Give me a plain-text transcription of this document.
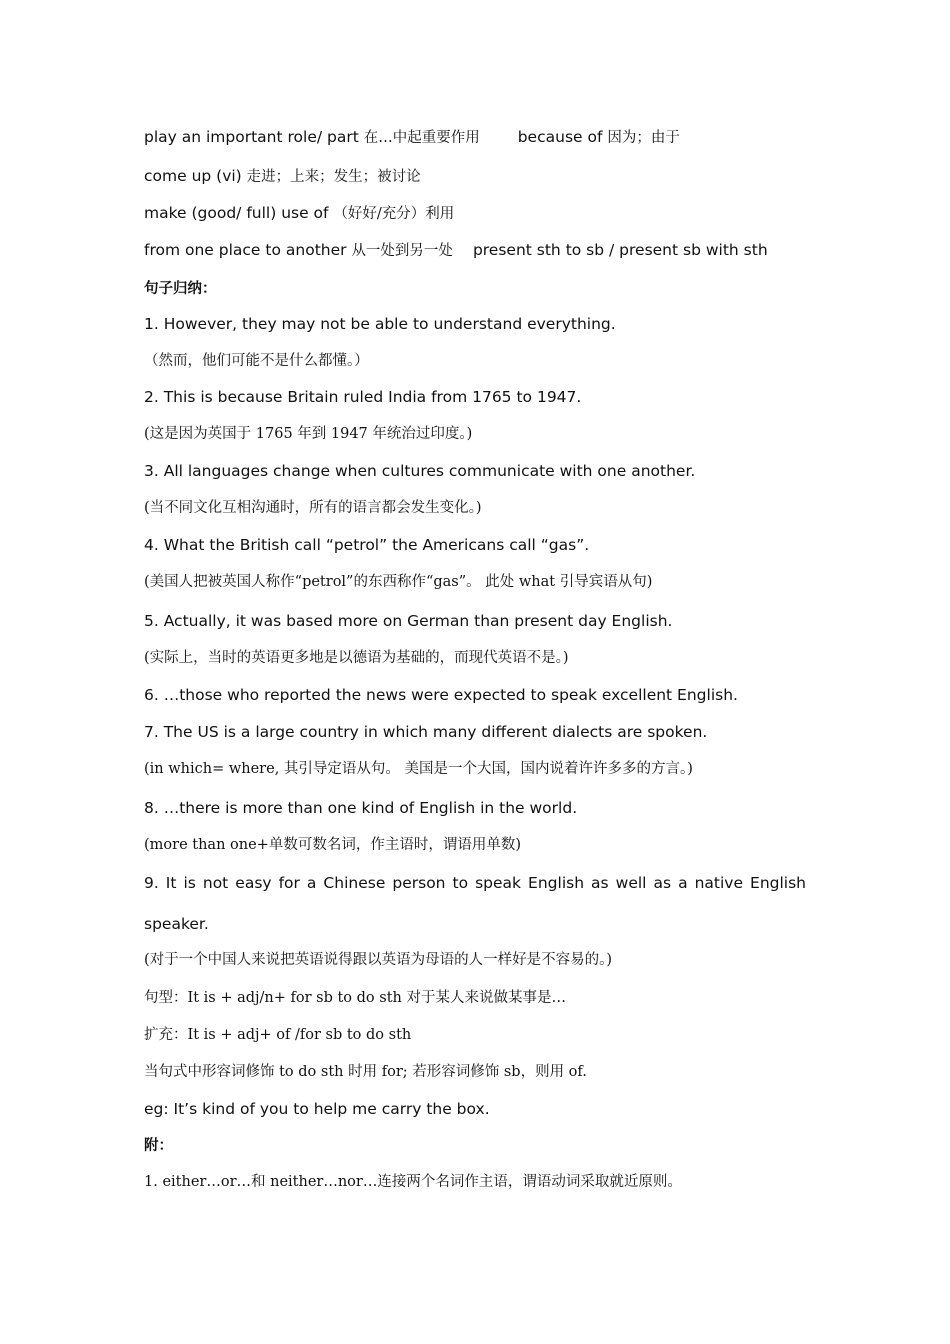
play an important role/ part 在…中起重要作用 because of 因为；由于
come up (vi) 走进；上来；发生；被讨论
make (good/ full) use of （好好/充分）利用
from one place to another 从一处到另一处 present sth to sb / present sb with sth
句子归纳：
1. However, they may not be able to understand everything.
（然而，他们可能不是什么都懂。）
2. This is because Britain ruled India from 1765 to 1947.
(这是因为英国于 1765 年到 1947 年统治过印度。)
3. All languages change when cultures communicate with one another.
(当不同文化互相沟通时，所有的语言都会发生变化。)
4. What the British call “petrol” the Americans call “gas”.
(美国人把被英国人称作“petrol”的东西称作“gas”。 此处 what 引导宾语从句)
5. Actually, it was based more on German than present day English.
(实际上，当时的英语更多地是以德语为基础的，而现代英语不是。)
6. …those who reported the news were expected to speak excellent English.
7. The US is a large country in which many different dialects are spoken.
(in which= where, 其引导定语从句。 美国是一个大国，国内说着许许多多的方言。)
8. …there is more than one kind of English in the world.
(more than one+单数可数名词，作主语时，谓语用单数)
9. It is not easy for a Chinese person to speak English as well as a native English
speaker.
(对于一个中国人来说把英语说得跟以英语为母语的人一样好是不容易的。)
句型：It is + adj/n+ for sb to do sth 对于某人来说做某事是…
扩充：It is + adj+ of /for sb to do sth
当句式中形容词修饰 to do sth 时用 for; 若形容词修饰 sb，则用 of.
eg: It’s kind of you to help me carry the box.
附：
1. either…or…和 neither…nor…连接两个名词作主语，谓语动词采取就近原则。
